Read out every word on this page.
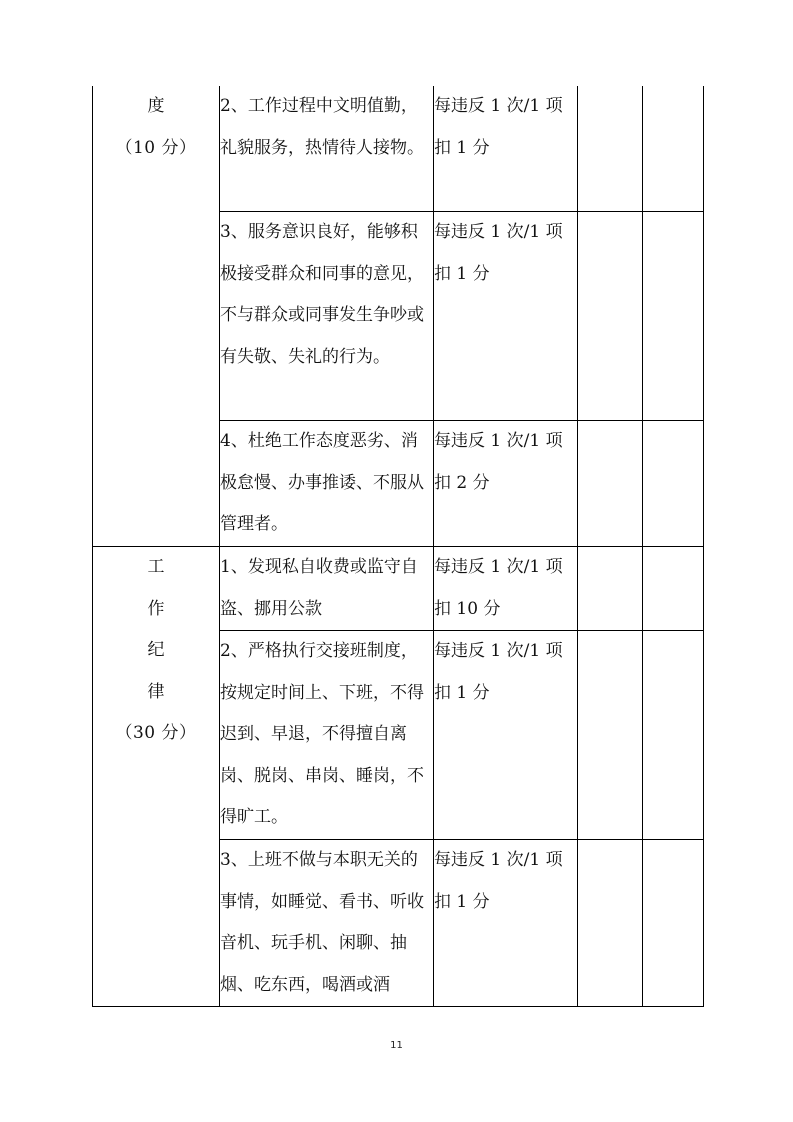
度
（10 分）	2、工作过程中文明值勤，礼貌服务，热情待人接物。	每违反 1 次/1 项扣 1 分		
	3、服务意识良好，能够积极接受群众和同事的意见，不与群众或同事发生争吵或有失敬、失礼的行为。	每违反 1 次/1 项扣 1 分		
	4、杜绝工作态度恶劣、消极怠慢、办事推诿、不服从管理者。	每违反 1 次/1 项扣 2 分		

工
作
纪
律
（30 分）	1、发现私自收费或监守自盗、挪用公款	每违反 1 次/1 项扣 10 分		
	2、严格执行交接班制度，按规定时间上、下班，不得迟到、早退，不得擅自离岗、脱岗、串岗、睡岗，不得旷工。	每违反 1 次/1 项扣 1 分		
	3、上班不做与本职无关的事情，如睡觉、看书、听收音机、玩手机、闲聊、抽烟、吃东西，喝酒或酒	每违反 1 次/1 项扣 1 分		
11
